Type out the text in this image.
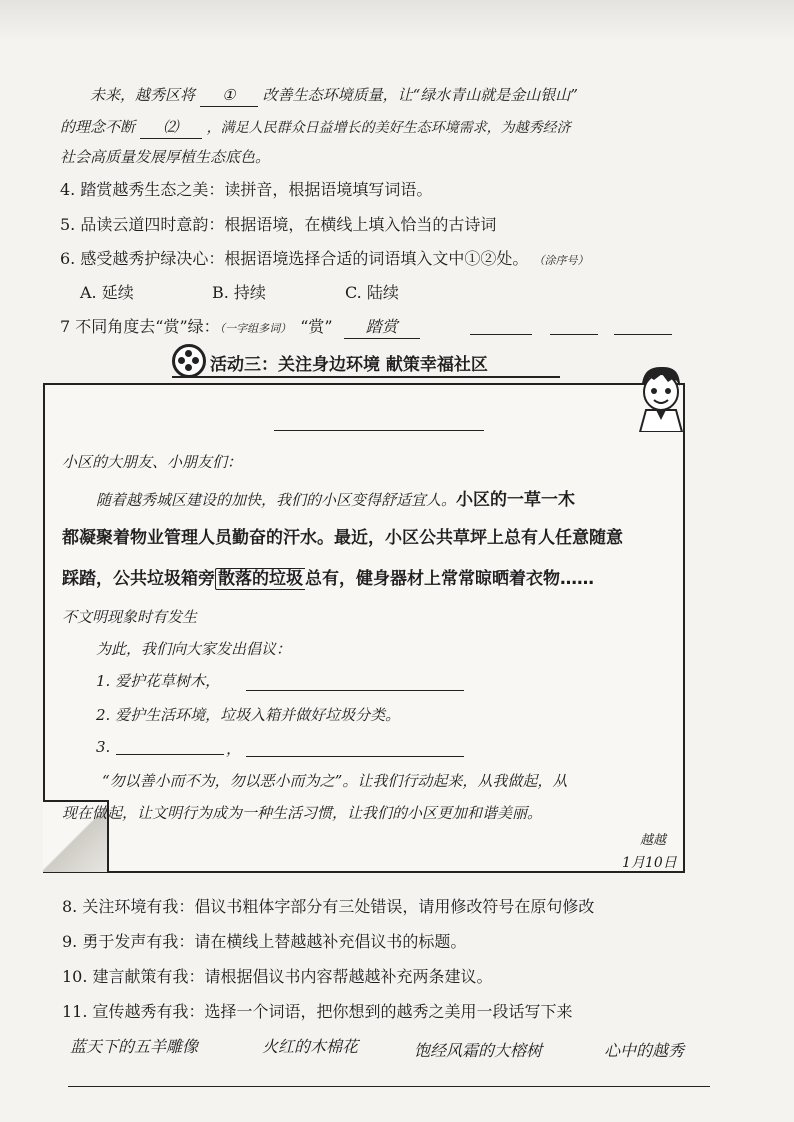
未来，越秀区将 ① 改善生态环境质量，让“绿水青山就是金山银山”
的理念不断 ⑵ ，满足人民群众日益增长的美好生态环境需求，为越秀经济
社会高质量发展厚植生态底色。
4. 踏赏越秀生态之美：读拼音，根据语境填写词语。
5. 品读云道四时意韵：根据语境，在横线上填入恰当的古诗词
6. 感受越秀护绿决心：根据语境选择合适的词语填入文中①②处。 （涂序号）
A. 延续	B. 持续	C. 陆续
7 不同角度去“赏”绿：（一字组多词） “赏” 踏赏
活动三：关注身边环境 献策幸福社区
小区的大朋友、小朋友们：
随着越秀城区建设的加快，我们的小区变得舒适宜人。小区的一草一木
都凝聚着物业管理人员勤奋的汗水。最近，小区公共草坪上总有人任意随意
踩踏，公共垃圾箱旁 散落的垃圾 总有，健身器材上常常晾晒着衣物……
不文明现象时有发生
为此，我们向大家发出倡议：
1. 爱护花草树木，
2. 爱护生活环境，垃圾入箱并做好垃圾分类。
3.	，
“勿以善小而不为，勿以恶小而为之”。让我们行动起来，从我做起，从
现在做起，让文明行为成为一种生活习惯，让我们的小区更加和谐美丽。
越越
1月10日
8. 关注环境有我：倡议书粗体字部分有三处错误，请用修改符号在原句修改
9. 勇于发声有我：请在横线上替越越补充倡议书的标题。
10. 建言献策有我：请根据倡议书内容帮越越补充两条建议。
11. 宣传越秀有我：选择一个词语，把你想到的越秀之美用一段话写下来
蓝天下的五羊雕像	火红的木棉花	饱经风霜的大榕树	心中的越秀
